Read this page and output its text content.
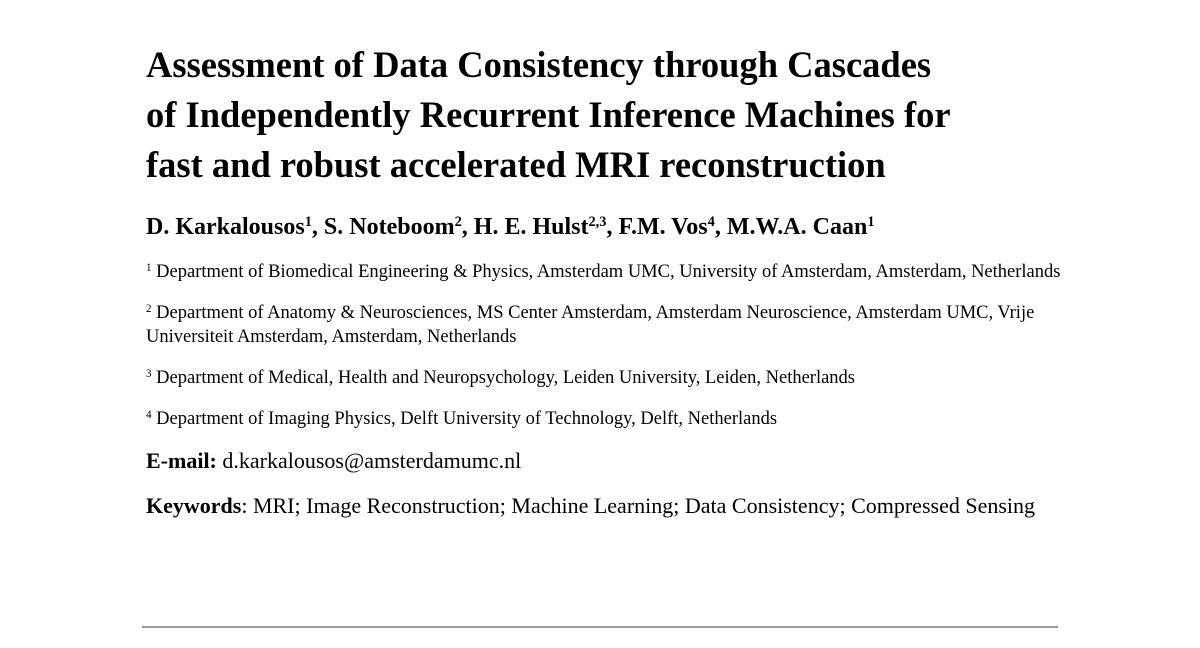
Assessment of Data Consistency through Cascades
of Independently Recurrent Inference Machines for
fast and robust accelerated MRI reconstruction
D. Karkalousos$^1$, S. Noteboom$^2$, H. E. Hulst$^{2,3}$, F.M. Vos$^4$, M.W.A. Caan$^1$
$^1$ Department of Biomedical Engineering & Physics, Amsterdam UMC, University of Amsterdam, Amsterdam, Netherlands
$^2$ Department of Anatomy & Neurosciences, MS Center Amsterdam, Amsterdam Neuroscience, Amsterdam UMC, Vrije Universiteit Amsterdam, Amsterdam, Netherlands
$^3$ Department of Medical, Health and Neuropsychology, Leiden University, Leiden, Netherlands
$^4$ Department of Imaging Physics, Delft University of Technology, Delft, Netherlands
E-mail: d.karkalousos@amsterdamumc.nl
Keywords: MRI; Image Reconstruction; Machine Learning; Data Consistency; Compressed Sensing
